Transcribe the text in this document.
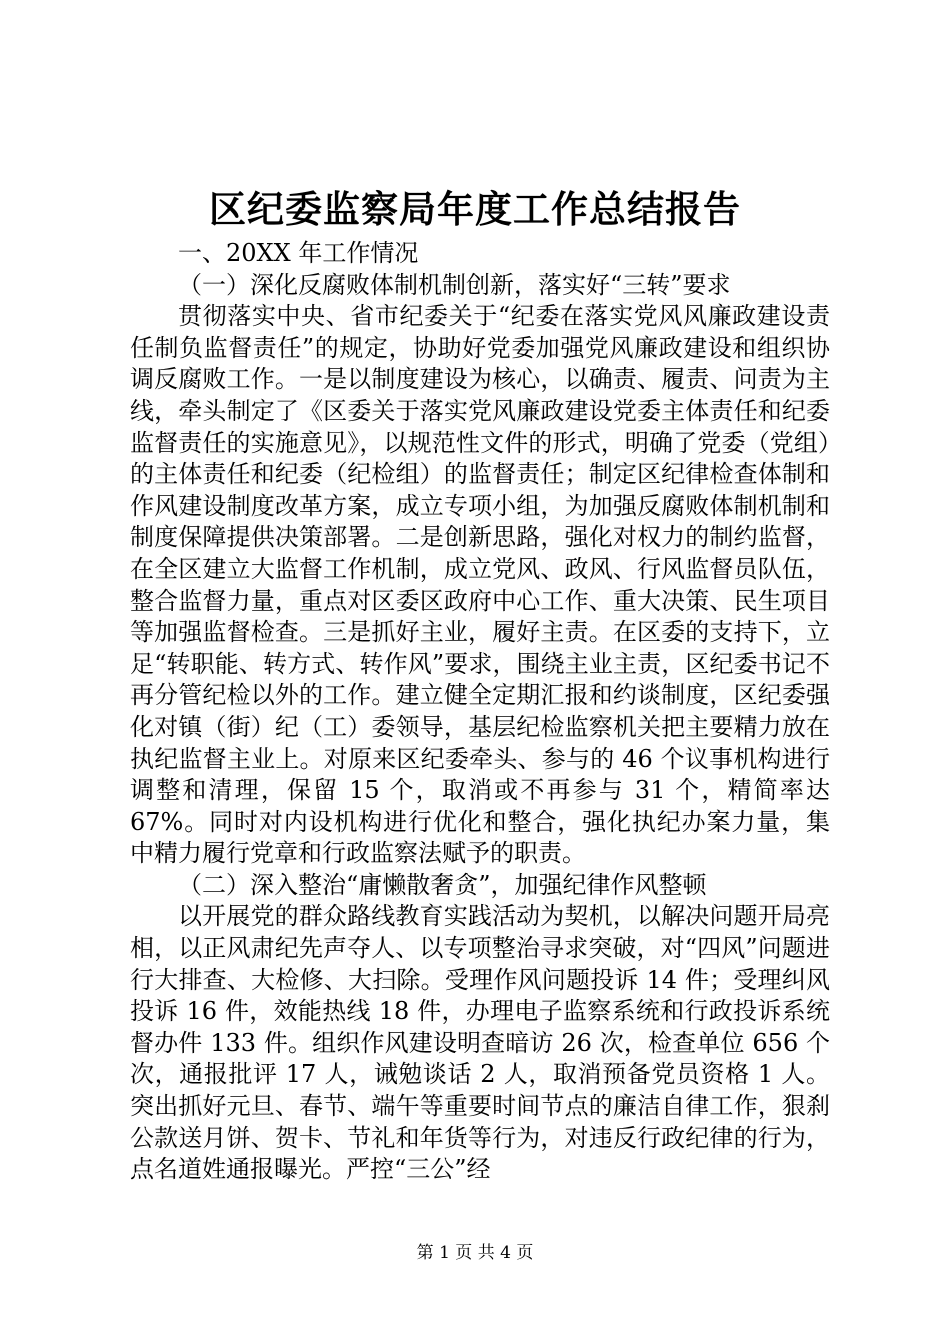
区纪委监察局年度工作总结报告

一、20XX 年工作情况

（一）深化反腐败体制机制创新，落实好“三转”要求

贯彻落实中央、省市纪委关于“纪委在落实党风风廉政建设责任制负监督责任”的规定，协助好党委加强党风廉政建设和组织协调反腐败工作。一是以制度建设为核心，以确责、履责、问责为主线，牵头制定了《区委关于落实党风廉政建设党委主体责任和纪委监督责任的实施意见》，以规范性文件的形式，明确了党委（党组）的主体责任和纪委（纪检组）的监督责任；制定区纪律检查体制和作风建设制度改革方案，成立专项小组，为加强反腐败体制机制和制度保障提供决策部署。二是创新思路，强化对权力的制约监督，在全区建立大监督工作机制，成立党风、政风、行风监督员队伍，整合监督力量，重点对区委区政府中心工作、重大决策、民生项目等加强监督检查。三是抓好主业，履好主责。在区委的支持下，立足“转职能、转方式、转作风”要求，围绕主业主责，区纪委书记不再分管纪检以外的工作。建立健全定期汇报和约谈制度，区纪委强化对镇（街）纪（工）委领导，基层纪检监察机关把主要精力放在执纪监督主业上。对原来区纪委牵头、参与的 46 个议事机构进行调整和清理，保留 15 个，取消或不再参与 31 个，精简率达 67%。同时对内设机构进行优化和整合，强化执纪办案力量，集中精力履行党章和行政监察法赋予的职责。

（二）深入整治“庸懒散奢贪”，加强纪律作风整顿

以开展党的群众路线教育实践活动为契机，以解决问题开局亮相，以正风肃纪先声夺人、以专项整治寻求突破，对“四风”问题进行大排查、大检修、大扫除。受理作风问题投诉 14 件；受理纠风投诉 16 件，效能热线 18 件，办理电子监察系统和行政投诉系统督办件 133 件。组织作风建设明查暗访 26 次，检查单位 656 个次，通报批评 17 人，诫勉谈话 2 人，取消预备党员资格 1 人。突出抓好元旦、春节、端午等重要时间节点的廉洁自律工作，狠刹公款送月饼、贺卡、节礼和年货等行为，对违反行政纪律的行为，点名道姓通报曝光。严控“三公”经

第 1 页 共 4 页
